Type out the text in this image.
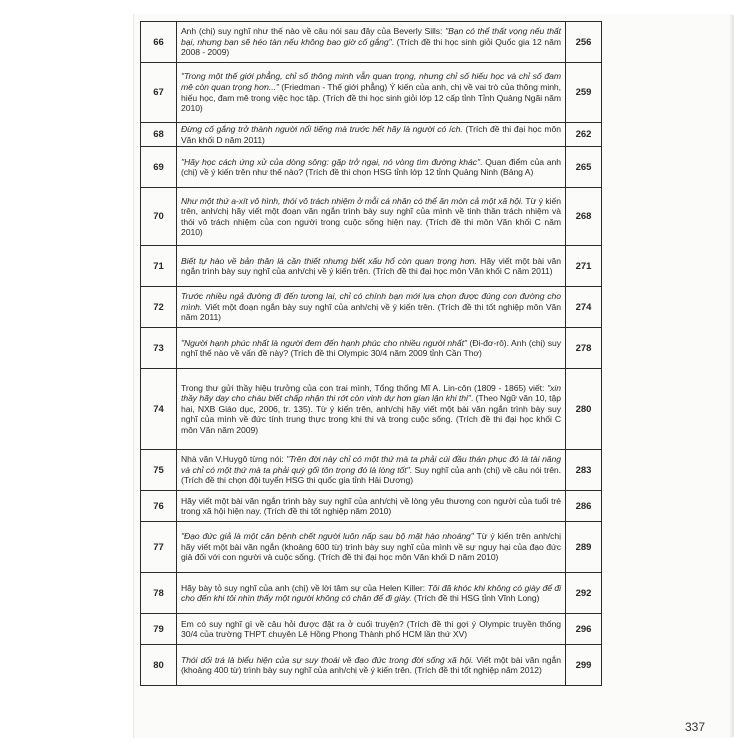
66	Anh (chị) suy nghĩ như thế nào về câu nói sau đây của Beverly Sills: "Bạn có thể thất vọng nếu thất bại, nhưng bạn sẽ héo tàn nếu không bao giờ cố gắng". (Trích đề thi học sinh giỏi Quốc gia 12 năm 2008 - 2009)	256
67	"Trong một thế giới phẳng, chỉ số thông minh vẫn quan trọng, nhưng chỉ số hiếu học và chỉ số đam mê còn quan trọng hơn..." (Friedman - Thế giới phẳng) Ý kiến của anh, chị về vai trò của thông minh, hiếu học, đam mê trong việc học tập. (Trích đề thi học sinh giỏi lớp 12 cấp tỉnh Tỉnh Quảng Ngãi năm 2010)	259
68	Đừng cố gắng trở thành người nổi tiếng mà trước hết hãy là người có ích. (Trích đề thi đại học môn Văn khối D năm 2011)	262
69	"Hãy học cách ứng xử của dòng sông: gặp trở ngại, nó vòng tìm đường khác". Quan điểm của anh (chị) về ý kiến trên như thế nào? (Trích đề thi chọn HSG tỉnh lớp 12 tỉnh Quảng Ninh (Bảng A)	265
70	Như một thứ a-xít vô hình, thói vô trách nhiệm ở mỗi cá nhân có thể ăn mòn cả một xã hội. Từ ý kiến trên, anh/chị hãy viết một đoạn văn ngắn trình bày suy nghĩ của mình về tinh thần trách nhiệm và thói vô trách nhiệm của con người trong cuộc sống hiện nay. (Trích đề thi môn Văn khối C năm 2010)	268
71	Biết tự hào về bản thân là cần thiết nhưng biết xấu hổ còn quan trọng hơn. Hãy viết một bài văn ngắn trình bày suy nghĩ của anh/chị về ý kiến trên. (Trích đề thi đại học môn Văn khối C năm 2011)	271
72	Trước nhiều ngả đường đi đến tương lai, chỉ có chính bạn mới lựa chọn được đúng con đường cho mình. Viết một đoạn ngắn bày suy nghĩ của anh/chị về ý kiến trên. (Trích đề thi tốt nghiệp môn Văn năm 2011)	274
73	"Người hạnh phúc nhất là người đem đến hạnh phúc cho nhiều người nhất" (Đi-đơ-rô). Anh (chị) suy nghĩ thế nào về vấn đề này? (Trích đề thi Olympic 30/4 năm 2009 tỉnh Cần Thơ)	278
74	Trong thư gửi thầy hiệu trưởng của con trai mình, Tổng thống Mĩ A. Lin-côn (1809 - 1865) viết: "xin thầy hãy dạy cho cháu biết chấp nhận thi rớt còn vinh dự hơn gian lận khi thi". (Theo Ngữ văn 10, tập hai, NXB Giáo dục, 2006, tr. 135). Từ ý kiến trên, anh/chị hãy viết một bài văn ngắn trình bày suy nghĩ của mình về đức tính trung thực trong khi thi và trong cuộc sống. (Trích đề thi đại học khối C môn Văn năm 2009)	280
75	Nhà văn V.Huygô từng nói: "Trên đời này chỉ có một thứ mà ta phải cúi đầu thán phục đó là tài năng và chỉ có một thứ mà ta phải quỳ gối tôn trọng đó là lòng tốt". Suy nghĩ của anh (chị) về câu nói trên. (Trích đề thi chọn đội tuyển HSG thi quốc gia tỉnh Hải Dương)	283
76	Hãy viết một bài văn ngắn trình bày suy nghĩ của anh/chị về lòng yêu thương con người của tuổi trẻ trong xã hội hiện nay. (Trích đề thi tốt nghiệp năm 2010)	286
77	"Đạo đức giả là một căn bệnh chết người luôn nấp sau bộ mặt hào nhoáng" Từ ý kiến trên anh/chị hãy viết một bài văn ngắn (khoảng 600 từ) trình bày suy nghĩ của mình về sự nguy hại của đạo đức giả đối với con người và cuộc sống. (Trích đề thi đại học môn Văn khối D năm 2010)	289
78	Hãy bày tỏ suy nghĩ của anh (chị) về lời tâm sự của Helen Killer: Tôi đã khóc khi không có giày để đi cho đến khi tôi nhìn thấy một người không có chân để đi giày. (Trích đề thi HSG tỉnh Vĩnh Long)	292
79	Em có suy nghĩ gì về câu hỏi được đặt ra ở cuối truyện? (Trích đề thi gợi ý Olympic truyền thống 30/4 của trường THPT chuyên Lê Hồng Phong Thành phố HCM lần thứ XV)	296
80	Thói dối trá là biểu hiện của sự suy thoái về đạo đức trong đời sống xã hội. Viết một bài văn ngắn (khoảng 400 từ) trình bày suy nghĩ của anh/chị về ý kiến trên. (Trích đề thi tốt nghiệp năm 2012)	299
337
